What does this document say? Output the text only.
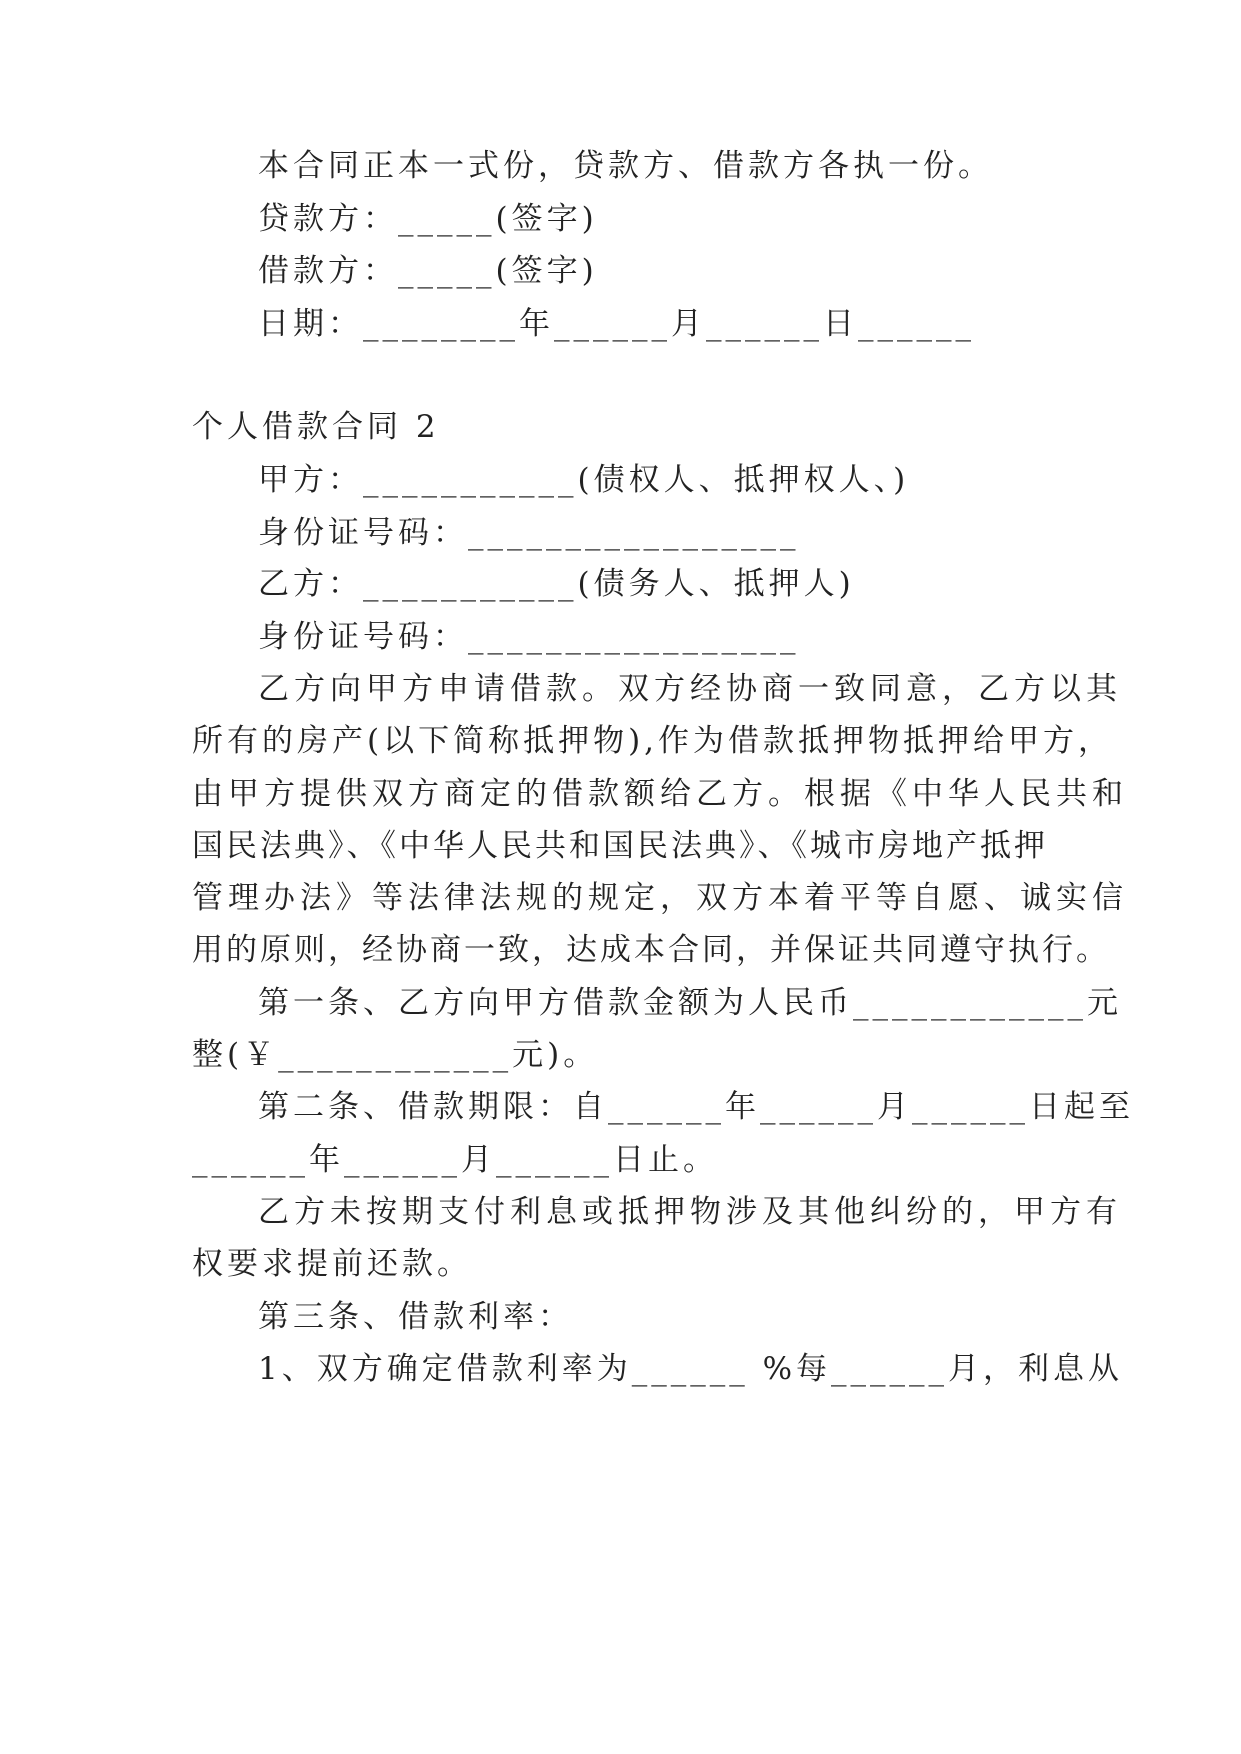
本合同正本一式份，贷款方、借款方各执一份。
贷款方：_____(签字)
借款方：_____(签字)
日期：________年______月______日______
个人借款合同 2
甲方：___________(债权人、抵押权人、)
身份证号码：_________________
乙方：___________(债务人、抵押人)
身份证号码：_________________
乙方向甲方申请借款。双方经协商一致同意，乙方以其
所有的房产(以下简称抵押物),作为借款抵押物抵押给甲方，
由甲方提供双方商定的借款额给乙方。根据《中华人民共和
国民法典》、《中华人民共和国民法典》、《城市房地产抵押
管理办法》等法律法规的规定，双方本着平等自愿、诚实信
用的原则，经协商一致，达成本合同，并保证共同遵守执行。
第一条、乙方向甲方借款金额为人民币____________元
整(￥____________元)。
第二条、借款期限：自______年______月______日起至
______年______月______日止。
乙方未按期支付利息或抵押物涉及其他纠纷的，甲方有
权要求提前还款。
第三条、借款利率：
1、双方确定借款利率为______ %每______月，利息从
